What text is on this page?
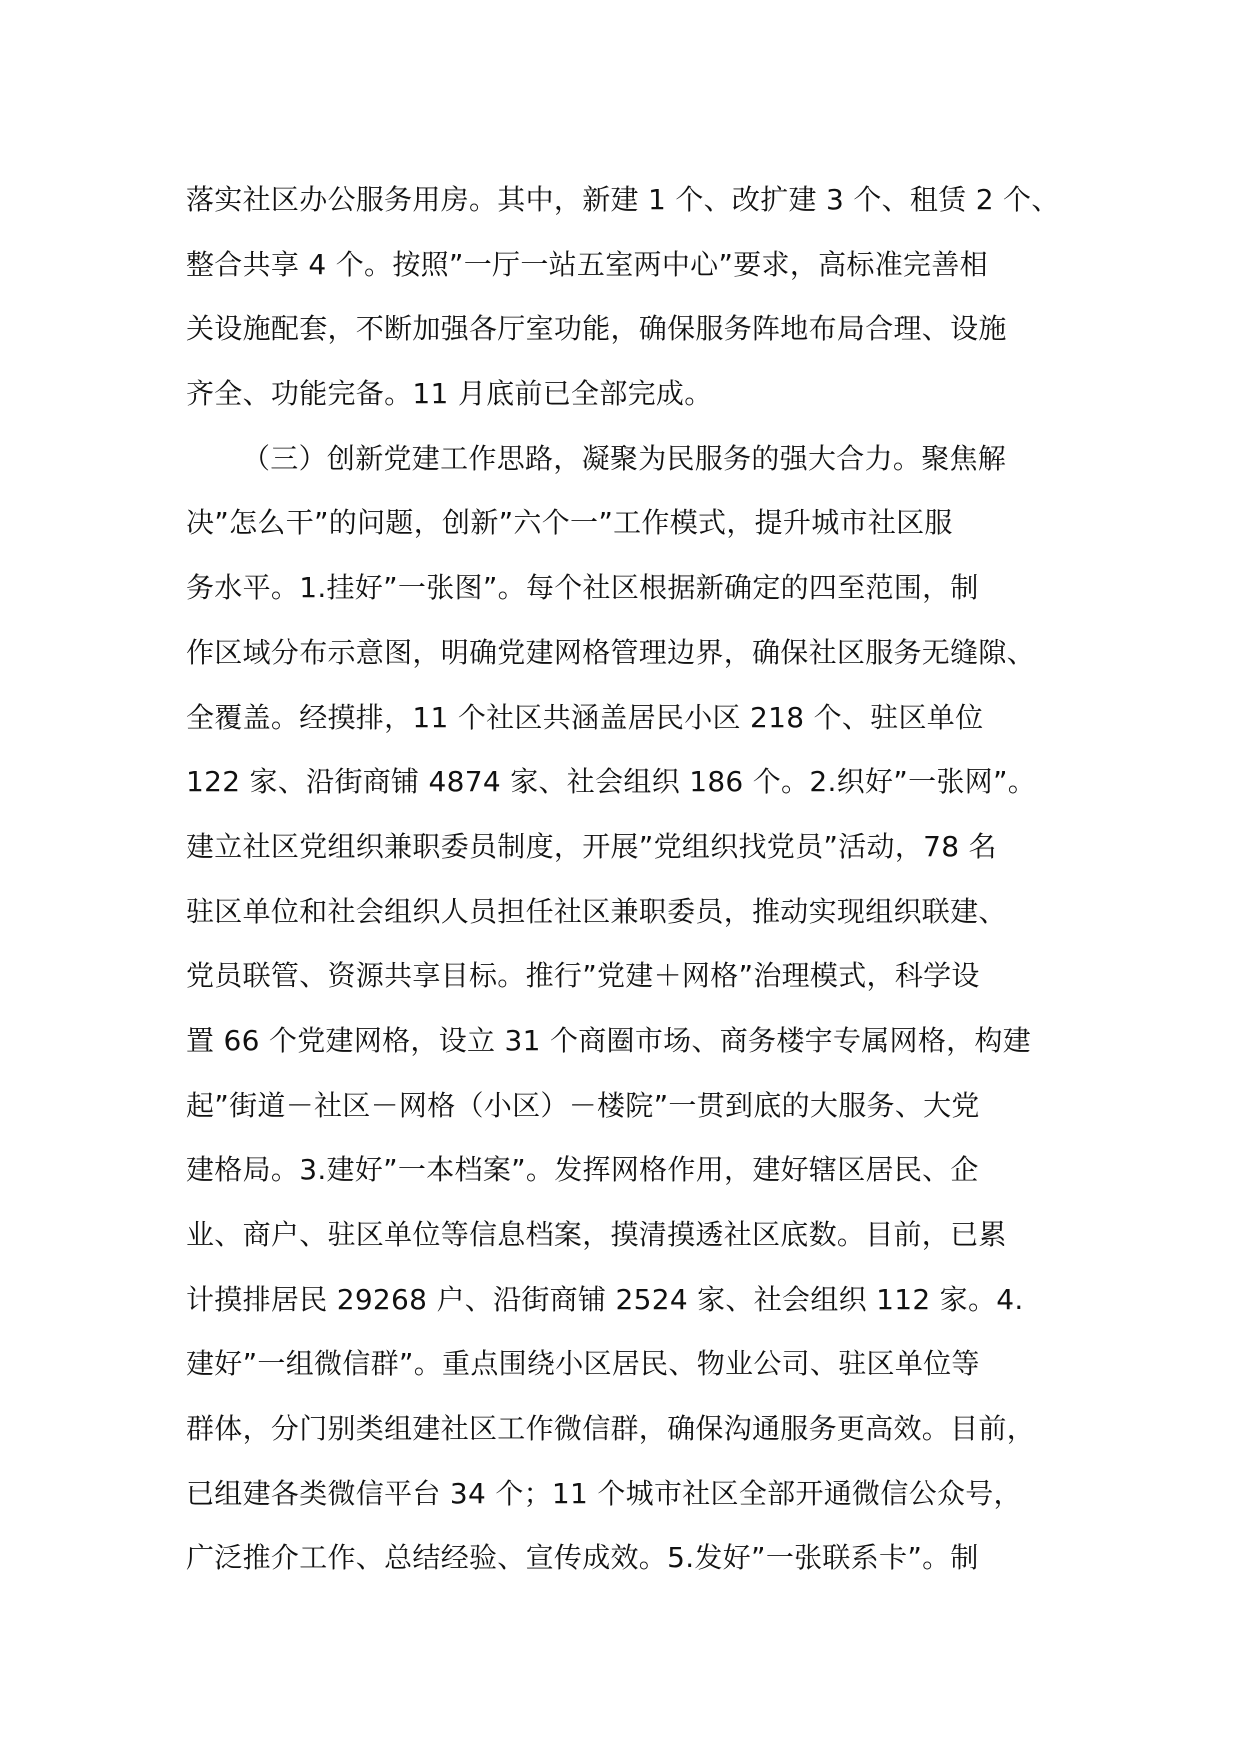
落实社区办公服务用房。其中，新建 1 个、改扩建 3 个、租赁 2 个、
整合共享 4 个。按照”一厅一站五室两中心”要求，高标准完善相
关设施配套，不断加强各厅室功能，确保服务阵地布局合理、设施
齐全、功能完备。11 月底前已全部完成。
（三）创新党建工作思路，凝聚为民服务的强大合力。聚焦解
决”怎么干”的问题，创新”六个一”工作模式，提升城市社区服
务水平。1.挂好”一张图”。每个社区根据新确定的四至范围，制
作区域分布示意图，明确党建网格管理边界，确保社区服务无缝隙、
全覆盖。经摸排，11 个社区共涵盖居民小区 218 个、驻区单位
122 家、沿街商铺 4874 家、社会组织 186 个。2.织好”一张网”。
建立社区党组织兼职委员制度，开展”党组织找党员”活动，78 名
驻区单位和社会组织人员担任社区兼职委员，推动实现组织联建、
党员联管、资源共享目标。推行”党建＋网格”治理模式，科学设
置 66 个党建网格，设立 31 个商圈市场、商务楼宇专属网格，构建
起”街道－社区－网格（小区）－楼院”一贯到底的大服务、大党
建格局。3.建好”一本档案”。发挥网格作用，建好辖区居民、企
业、商户、驻区单位等信息档案，摸清摸透社区底数。目前，已累
计摸排居民 29268 户、沿街商铺 2524 家、社会组织 112 家。4.
建好”一组微信群”。重点围绕小区居民、物业公司、驻区单位等
群体，分门别类组建社区工作微信群，确保沟通服务更高效。目前，
已组建各类微信平台 34 个；11 个城市社区全部开通微信公众号，
广泛推介工作、总结经验、宣传成效。5.发好”一张联系卡”。制
